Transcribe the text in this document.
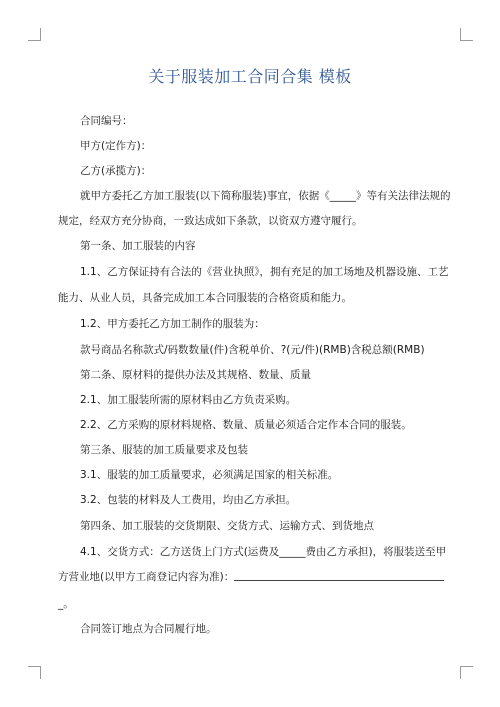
关于服装加工合同合集 模板
合同编号：
甲方(定作方)：
乙方(承揽方)：
就甲方委托乙方加工服装(以下简称服装)事宜，依据《_____》等有关法律法规的
规定，经双方充分协商，一致达成如下条款，以资双方遵守履行。
第一条、加工服装的内容
1.1、乙方保证持有合法的《营业执照》，拥有充足的加工场地及机器设施、工艺
能力、从业人员，具备完成加工本合同服装的合格资质和能力。
1.2、甲方委托乙方加工制作的服装为：
款号商品名称款式/码数数量(件)含税单价、?(元/件)(RMB)含税总额(RMB)
第二条、原材料的提供办法及其规格、数量、质量
2.1、加工服装所需的原材料由乙方负责采购。
2.2、乙方采购的原材料规格、数量、质量必须适合定作本合同的服装。
第三条、服装的加工质量要求及包装
3.1、服装的加工质量要求，必须满足国家的相关标准。
3.2、包装的材料及人工费用，均由乙方承担。
第四条、加工服装的交货期限、交货方式、运输方式、到货地点
4.1、交货方式：乙方送货上门方式(运费及_____费由乙方承担)，将服装送至甲
方营业地(以甲方工商登记内容为准)：
_。
合同签订地点为合同履行地。
